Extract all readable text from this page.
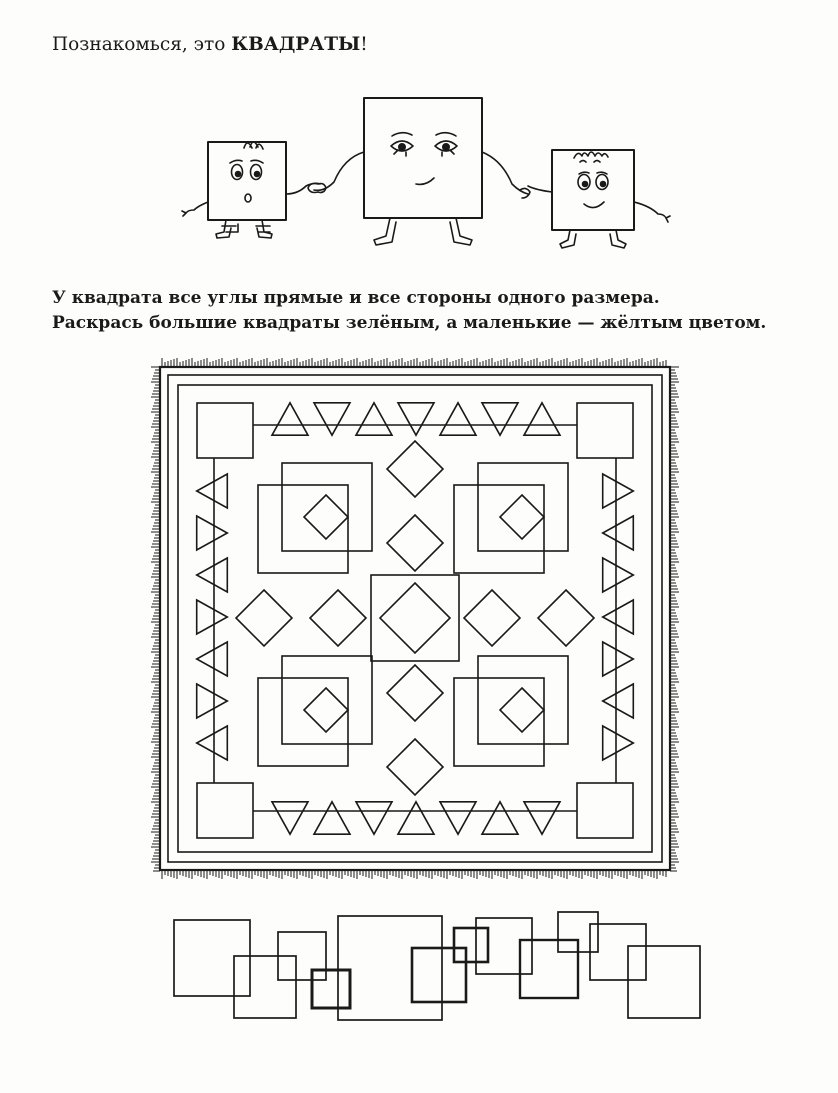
Познакомься, это КВАДРАТЫ!
У квадрата все углы прямые и все стороны одного размера.
Раскрась большие квадраты зелёным, а маленькие — жёлтым цветом.
